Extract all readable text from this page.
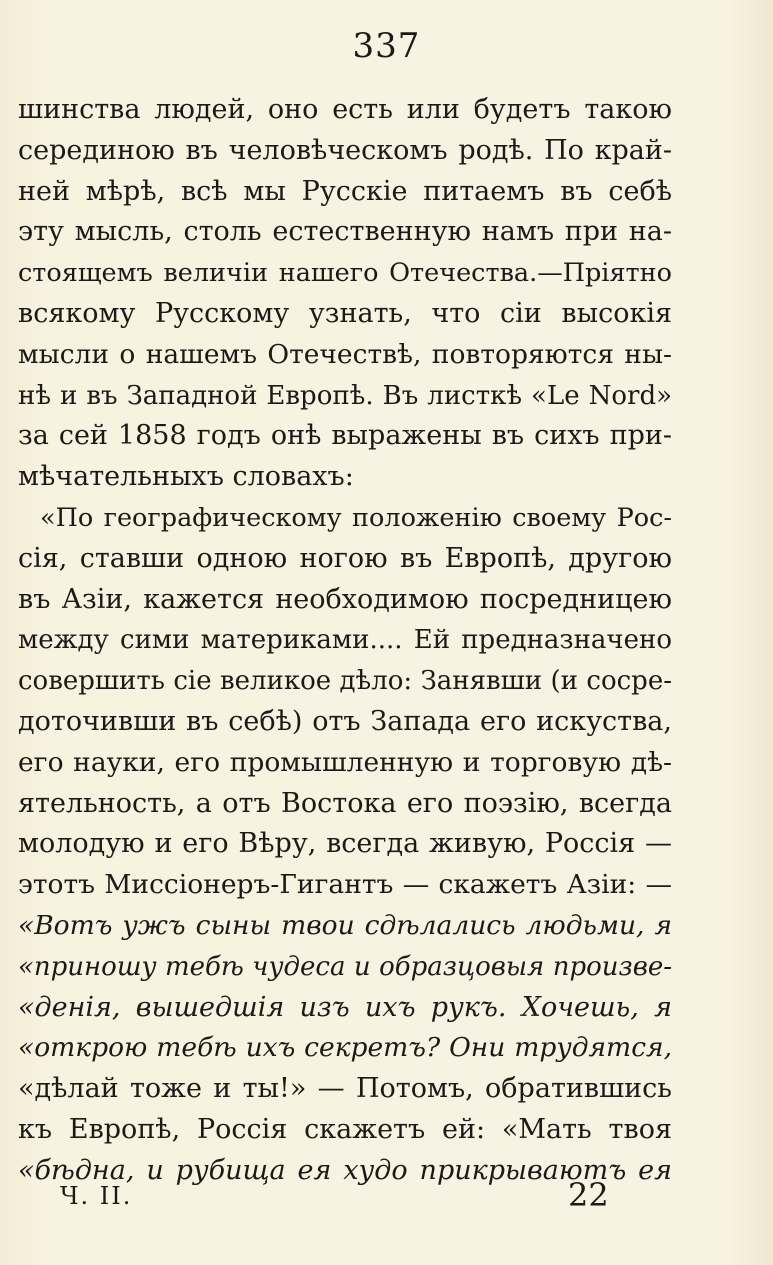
337
шинства людей, оно есть или будетъ такою
серединою въ человѣческомъ родѣ. По край-
ней мѣрѣ, всѣ мы Русскіе питаемъ въ себѣ
эту мысль, столь естественную намъ при на-
стоящемъ величіи нашего Отечества.—Пріятно
всякому Русскому узнать, что сіи высокія
мысли о нашемъ Отечествѣ, повторяются ны-
нѣ и въ Западной Европѣ. Въ листкѣ «Le Nord»
за сей 1858 годъ онѣ выражены въ сихъ при-
мѣчательныхъ словахъ:
«По географическому положенію своему Рос-
сія, ставши одною ногою въ Европѣ, другою
въ Азіи, кажется необходимою посредницею
между сими материками.... Ей предназначено
совершить сіе великое дѣло: Занявши (и сосре-
доточивши въ себѣ) отъ Запада его искуства,
его науки, его промышленную и торговую дѣ-
ятельность, а отъ Востока его поэзію, всегда
молодую и его Вѣру, всегда живую, Россія —
этотъ Миссіонеръ-Гигантъ — скажетъ Азіи: —
«Вотъ ужъ сыны твои сдѣлались людьми, я
«приношу тебѣ чудеса и образцовыя произве-
«денія, вышедшія изъ ихъ рукъ. Хочешь, я
«открою тебѣ ихъ секретъ? Они трудятся,
«дѣлай тоже и ты!» — Потомъ, обратившись
къ Европѣ, Россія скажетъ ей: «Мать твоя
«бѣдна, и рубища ея худо прикрываютъ ея
Ч. II.	22
